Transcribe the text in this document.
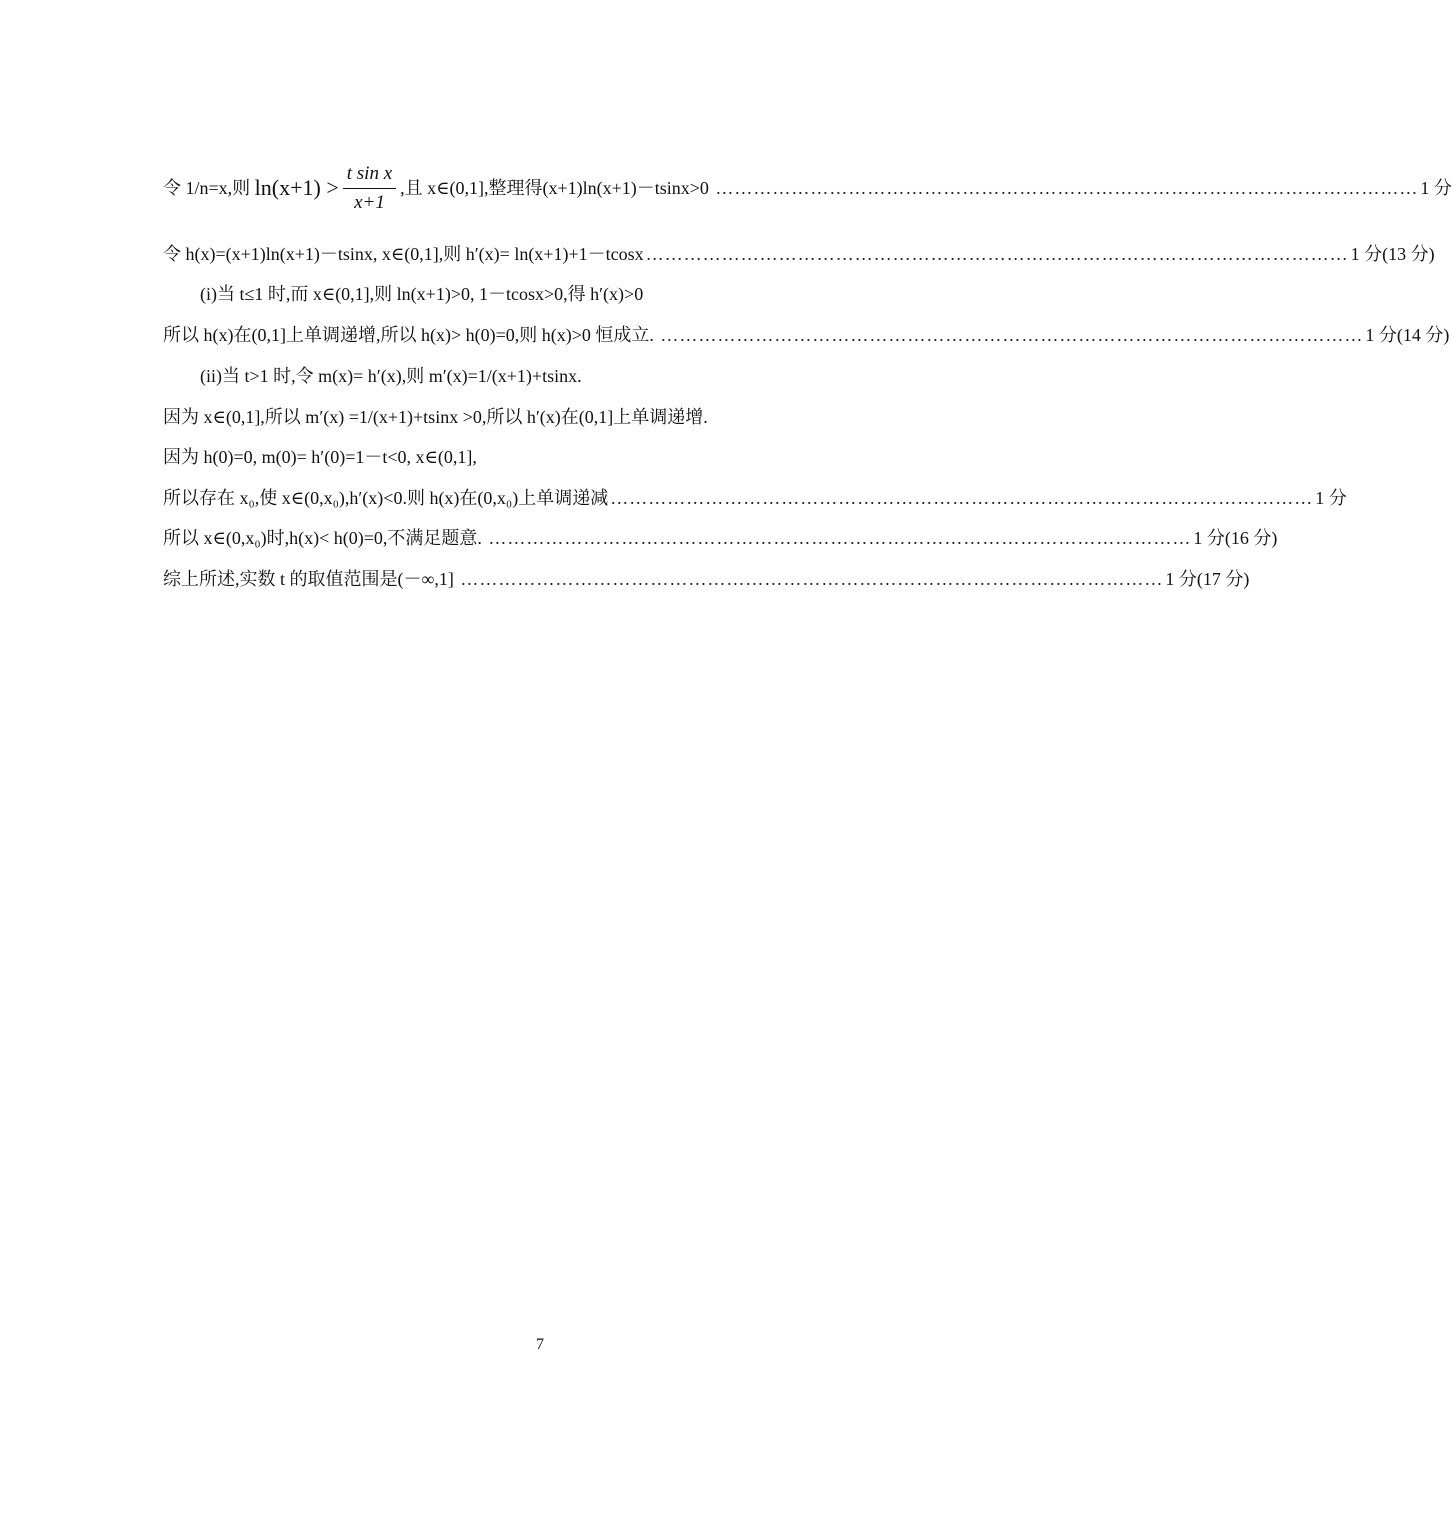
令 1/n=x,则 $\ln(x+1) > \frac{\text{t sin x}}{x+1}$ ,且 x∈(0,1],整理得(x+1)ln(x+1)－tsinx>0 ………………………………………………………………………………………………… 1 分
令 h(x)=(x+1)ln(x+1)－tsinx, x∈(0,1],则 h′(x)= ln(x+1)+1－tcosx ………………………………………………………………………………………………… 1 分(13 分)
(i)当 t≤1 时,而 x∈(0,1],则 ln(x+1)>0, 1－tcosx>0,得 h′(x)>0
所以 h(x)在(0,1]上单调递增,所以 h(x)> h(0)=0,则 h(x)>0 恒成立. ………………………………………………………………………………………………… 1 分(14 分)
(ii)当 t>1 时,令 m(x)= h′(x),则 m′(x)=1/(x+1)+tsinx.
因为 x∈(0,1],所以 m′(x) =1/(x+1)+tsinx >0,所以 h′(x)在(0,1]上单调递增.
因为 h(0)=0, m(0)= h′(0)=1－t<0, x∈(0,1],
所以存在 x₀,使 x∈(0,x₀),h′(x)<0.则 h(x)在(0,x₀)上单调递减 ………………………………………………………………………………………………… 1 分
所以 x∈(0,x₀)时,h(x)< h(0)=0,不满足题意. ………………………………………………………………………………………………… 1 分(16 分)
综上所述,实数 t 的取值范围是(－∞,1] ………………………………………………………………………………………………… 1 分(17 分)
7
